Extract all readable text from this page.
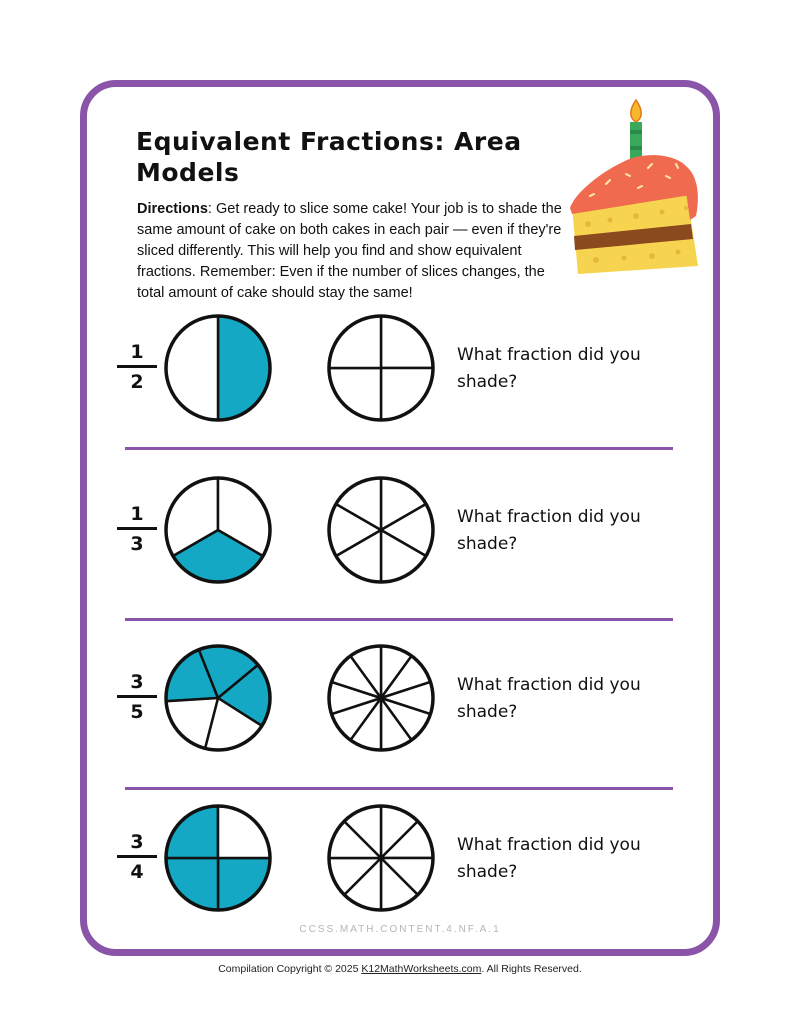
Equivalent Fractions: Area Models

Directions: Get ready to slice some cake! Your job is to shade the same amount of cake on both cakes in each pair — even if they're sliced differently. This will help you find and show equivalent fractions. Remember: Even if the number of slices changes, the total amount of cake should stay the same!

1
2

What fraction did you shade?

1
3

What fraction did you shade?

3
5

What fraction did you shade?

3
4

What fraction did you shade?

CCSS.MATH.CONTENT.4.NF.A.1
Compilation Copyright © 2025 K12MathWorksheets.com. All Rights Reserved.
